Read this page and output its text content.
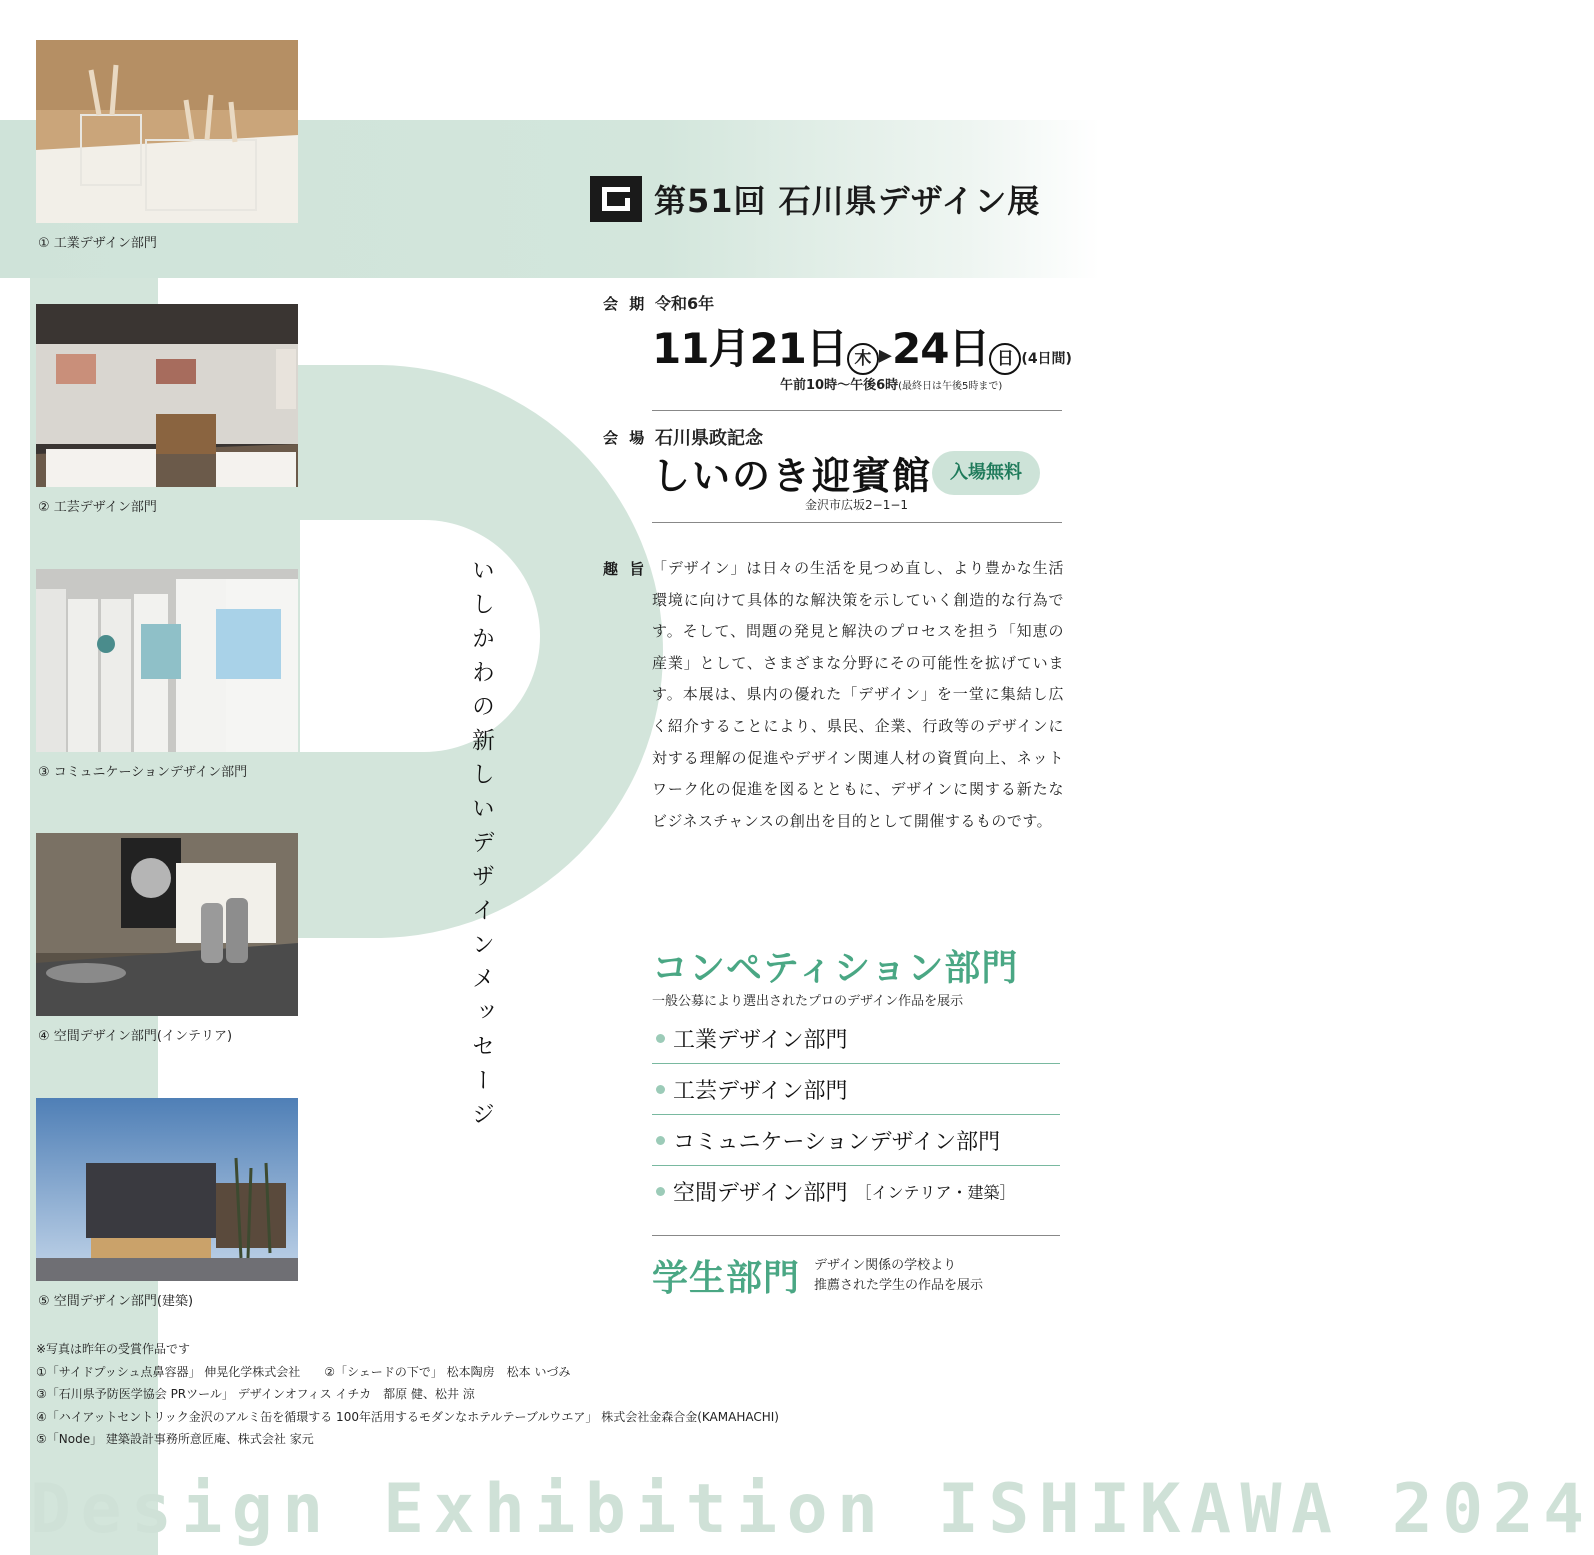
① 工業デザイン部門
② 工芸デザイン部門
③ コミュニケーションデザイン部門
④ 空間デザイン部門(インテリア)
⑤ 空間デザイン部門(建築)
第51回 石川県デザイン展
会 期 令和6年
11月21日 木 ▸24日 日 (4日間)
午前10時～午後6時(最終日は午後5時まで)
会 場 石川県政記念
しいのき迎賓館 入場無料
金沢市広坂2−1−1
いしかわの新しいデザインメッセージ	趣 旨 「デザイン」は日々の生活を見つめ直し、より豊かな生活環境に向けて具体的な解決策を示していく創造的な行為です。そして、問題の発見と解決のプロセスを担う「知恵の産業」として、さまざまな分野にその可能性を拡げています。本展は、県内の優れた「デザイン」を一堂に集結し広く紹介することにより、県民、企業、行政等のデザインに対する理解の促進やデザイン関連人材の資質向上、ネットワーク化の促進を図るとともに、デザインに関する新たなビジネスチャンスの創出を目的として開催するものです。
コンペティション部門
一般公募により選出されたプロのデザイン作品を展示
工業デザイン部門
工芸デザイン部門
コミュニケーションデザイン部門
空間デザイン部門 ［インテリア・建築］
学生部門 デザイン関係の学校より
推薦された学生の作品を展示
※写真は昨年の受賞作品です
①「サイドプッシュ点鼻容器」 伸晃化学株式会社　　②「シェードの下で」 松本陶房　松本 いづみ
③「石川県予防医学協会 PRツール」 デザインオフィス イチカ　都原 健、松井 涼
④「ハイアットセントリック金沢のアルミ缶を循環する 100年活用するモダンなホテルテーブルウエア」 株式会社金森合金(KAMAHACHI)
⑤「Node」 建築設計事務所意匠庵、株式会社 家元
Design Exhibition ISHIKAWA 2024
